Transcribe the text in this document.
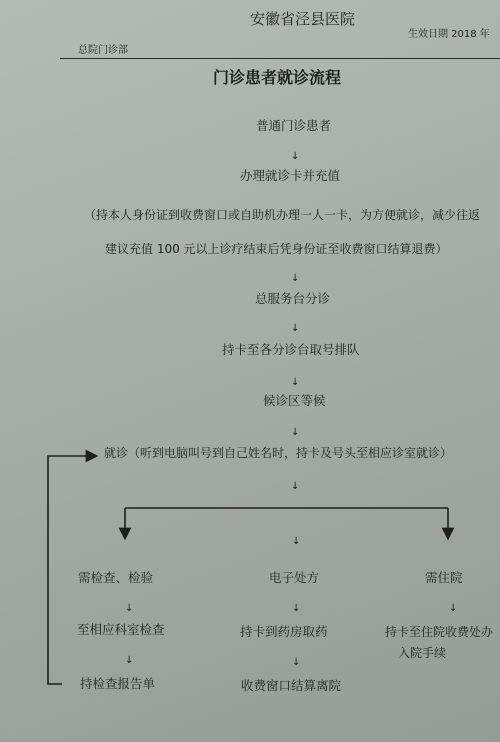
安徽省泾县医院
生效日期 2018 年
总院门诊部
门诊患者就诊流程
普通门诊患者
↓
办理就诊卡并充值
（持本人身份证到收费窗口或自助机办理一人一卡，为方便就诊，减少往返
建议充值 100 元以上诊疗结束后凭身份证至收费窗口结算退费）
↓
总服务台分诊
↓
持卡至各分诊台取号排队
↓
候诊区等候
↓
就诊（听到电脑叫号到自己姓名时，持卡及号头至相应诊室就诊）
↓
↓
需检查、检验
↓
至相应科室检查
↓
持检查报告单
电子处方
↓
持卡到药房取药
↓
收费窗口结算离院
需住院
↓
持卡至住院收费处办
入院手续
